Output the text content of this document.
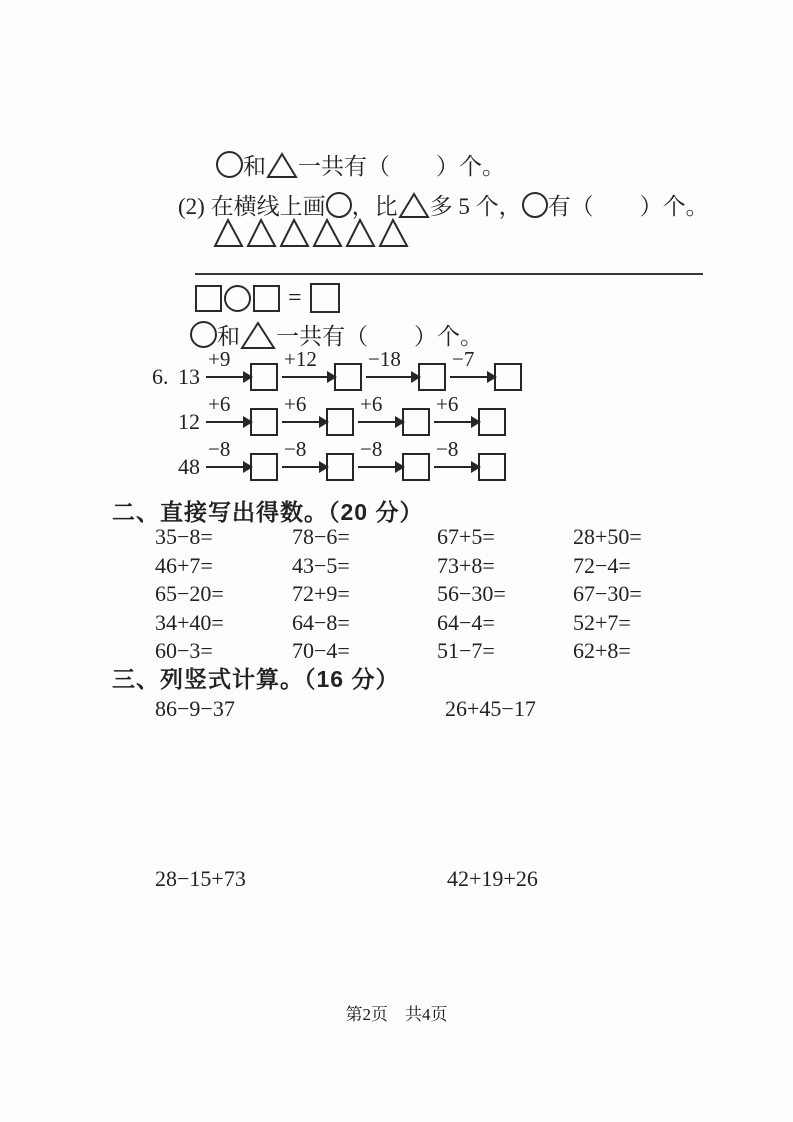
和 一共有（　　）个。
(2) 在横线上画 ，比 多 5 个， 有（　　）个。
=
和 一共有（　　）个。
6. 13
+9	+12 −18 −7
12
+6	+6	+6	+6
48
−8	−8	−8	−8
二、直接写出得数。（20 分）
35−8=	78−6=	67+5=	28+50=
46+7=	43−5=	73+8=	72−4=
65−20=	72+9=	56−30=	67−30=
34+40=	64−8=	64−4=	52+7=
60−3=	70−4=	51−7=	62+8=
三、列竖式计算。（16 分）
86−9−37	26+45−17
28−15+73	42+19+26
第2页　共4页
